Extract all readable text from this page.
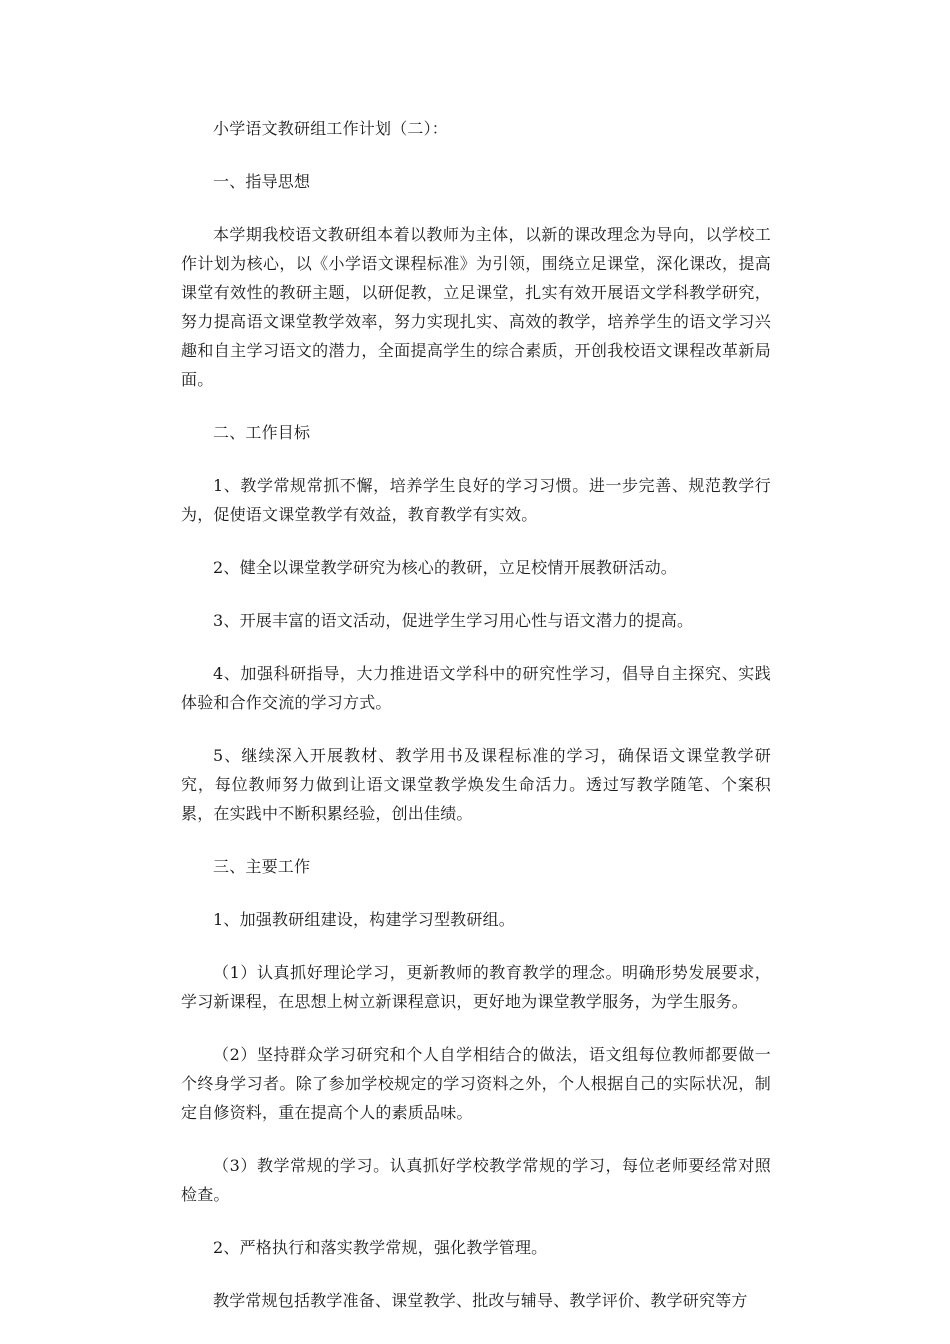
小学语文教研组工作计划（二）：

一、指导思想

本学期我校语文教研组本着以教师为主体，以新的课改理念为导向，以学校工作计划为核心，以《小学语文课程标准》为引领，围绕立足课堂，深化课改，提高课堂有效性的教研主题，以研促教，立足课堂，扎实有效开展语文学科教学研究，努力提高语文课堂教学效率，努力实现扎实、高效的教学，培养学生的语文学习兴趣和自主学习语文的潜力，全面提高学生的综合素质，开创我校语文课程改革新局面。

二、工作目标

1、教学常规常抓不懈，培养学生良好的学习习惯。进一步完善、规范教学行为，促使语文课堂教学有效益，教育教学有实效。

2、健全以课堂教学研究为核心的教研，立足校情开展教研活动。

3、开展丰富的语文活动，促进学生学习用心性与语文潜力的提高。

4、加强科研指导，大力推进语文学科中的研究性学习，倡导自主探究、实践体验和合作交流的学习方式。

5、继续深入开展教材、教学用书及课程标准的学习，确保语文课堂教学研究，每位教师努力做到让语文课堂教学焕发生命活力。透过写教学随笔、个案积累，在实践中不断积累经验，创出佳绩。

三、主要工作

1、加强教研组建设，构建学习型教研组。

（1）认真抓好理论学习，更新教师的教育教学的理念。明确形势发展要求，学习新课程，在思想上树立新课程意识，更好地为课堂教学服务，为学生服务。

（2）坚持群众学习研究和个人自学相结合的做法，语文组每位教师都要做一个终身学习者。除了参加学校规定的学习资料之外，个人根据自己的实际状况，制定自修资料，重在提高个人的素质品味。

（3）教学常规的学习。认真抓好学校教学常规的学习，每位老师要经常对照检查。

2、严格执行和落实教学常规，强化教学管理。

教学常规包括教学准备、课堂教学、批改与辅导、教学评价、教学研究等方
